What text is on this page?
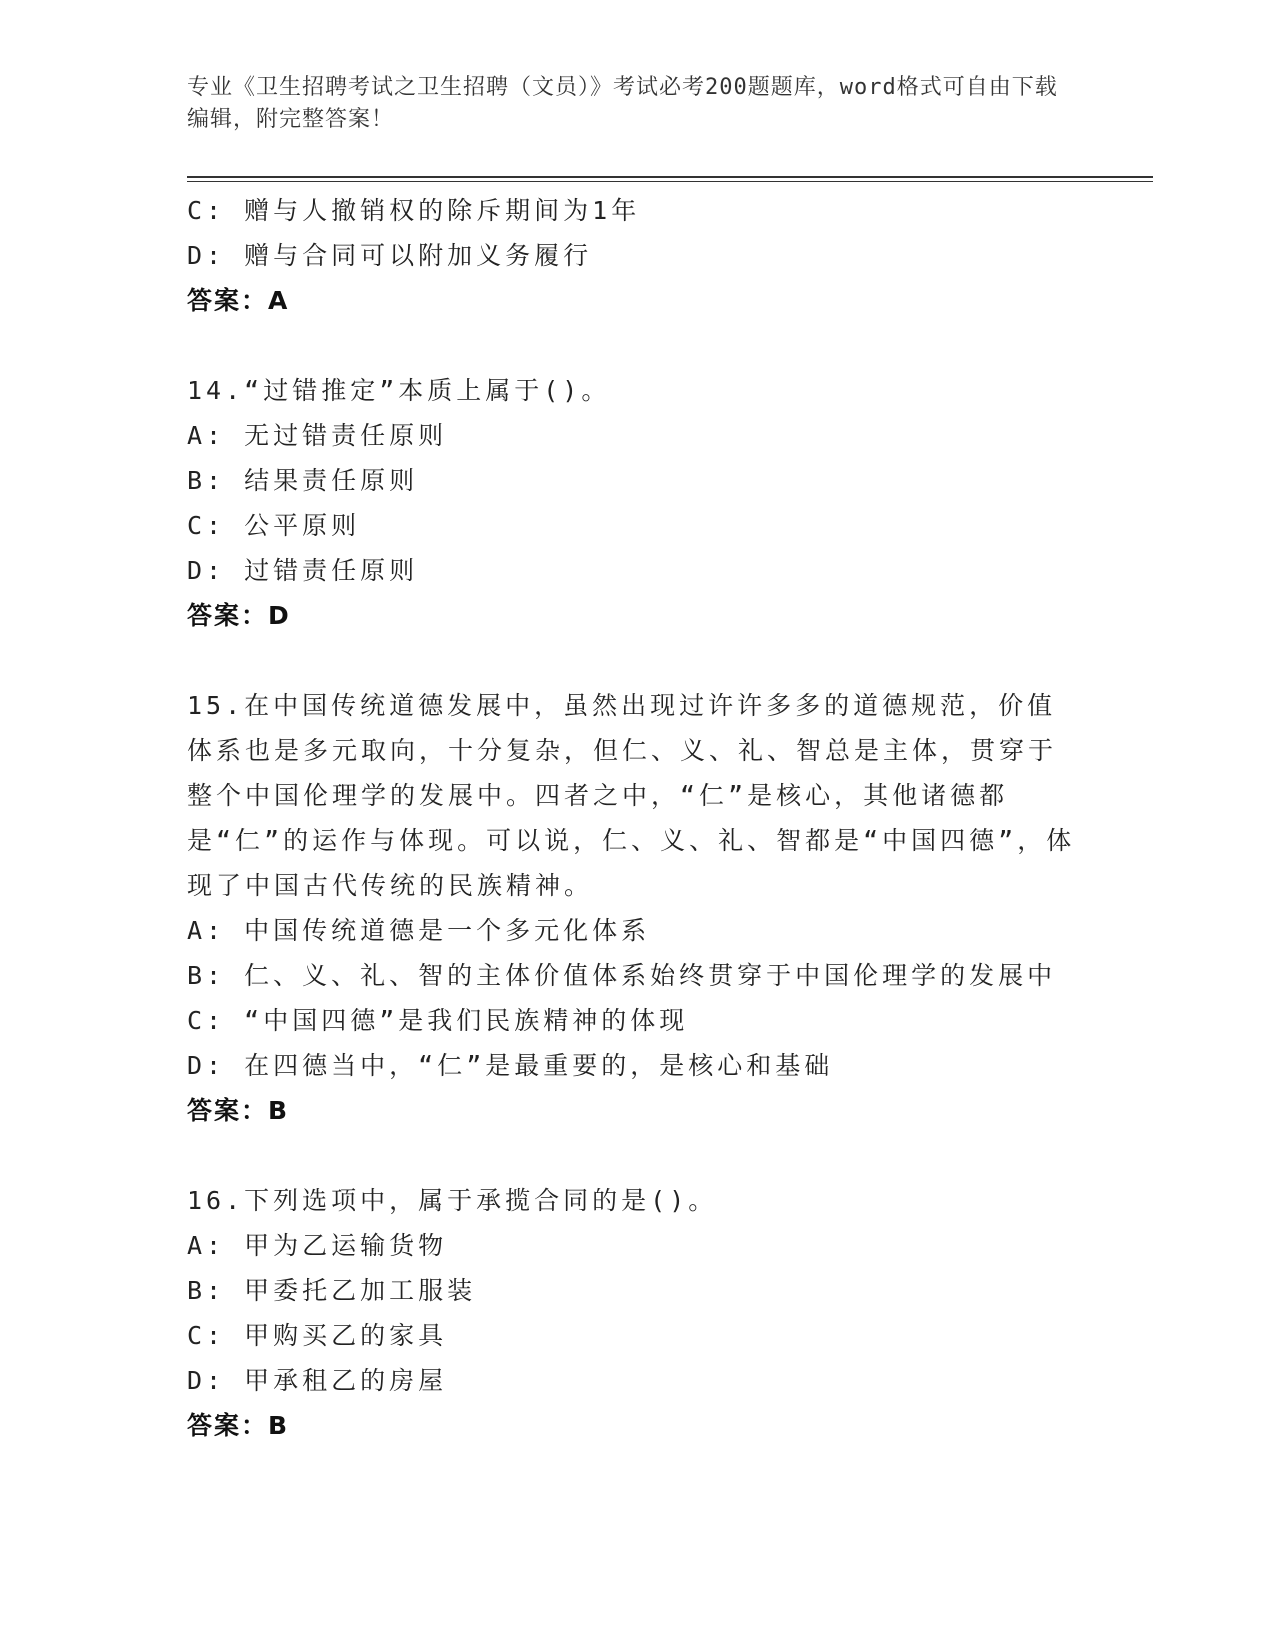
专业《卫生招聘考试之卫生招聘（文员）》考试必考200题题库，word格式可自由下载编辑，附完整答案！
C: 赠与人撤销权的除斥期间为1年
D: 赠与合同可以附加义务履行
答案：A
14.“过错推定”本质上属于()。
A: 无过错责任原则
B: 结果责任原则
C: 公平原则
D: 过错责任原则
答案：D
15.在中国传统道德发展中，虽然出现过许许多多的道德规范，价值体系也是多元取向，十分复杂，但仁、义、礼、智总是主体，贯穿于整个中国伦理学的发展中。四者之中，“仁”是核心，其他诸德都是“仁”的运作与体现。可以说，仁、义、礼、智都是“中国四德”，体现了中国古代传统的民族精神。
A: 中国传统道德是一个多元化体系
B: 仁、义、礼、智的主体价值体系始终贯穿于中国伦理学的发展中
C: “中国四德”是我们民族精神的体现
D: 在四德当中，“仁”是最重要的，是核心和基础
答案：B
16.下列选项中，属于承揽合同的是()。
A: 甲为乙运输货物
B: 甲委托乙加工服装
C: 甲购买乙的家具
D: 甲承租乙的房屋
答案：B
